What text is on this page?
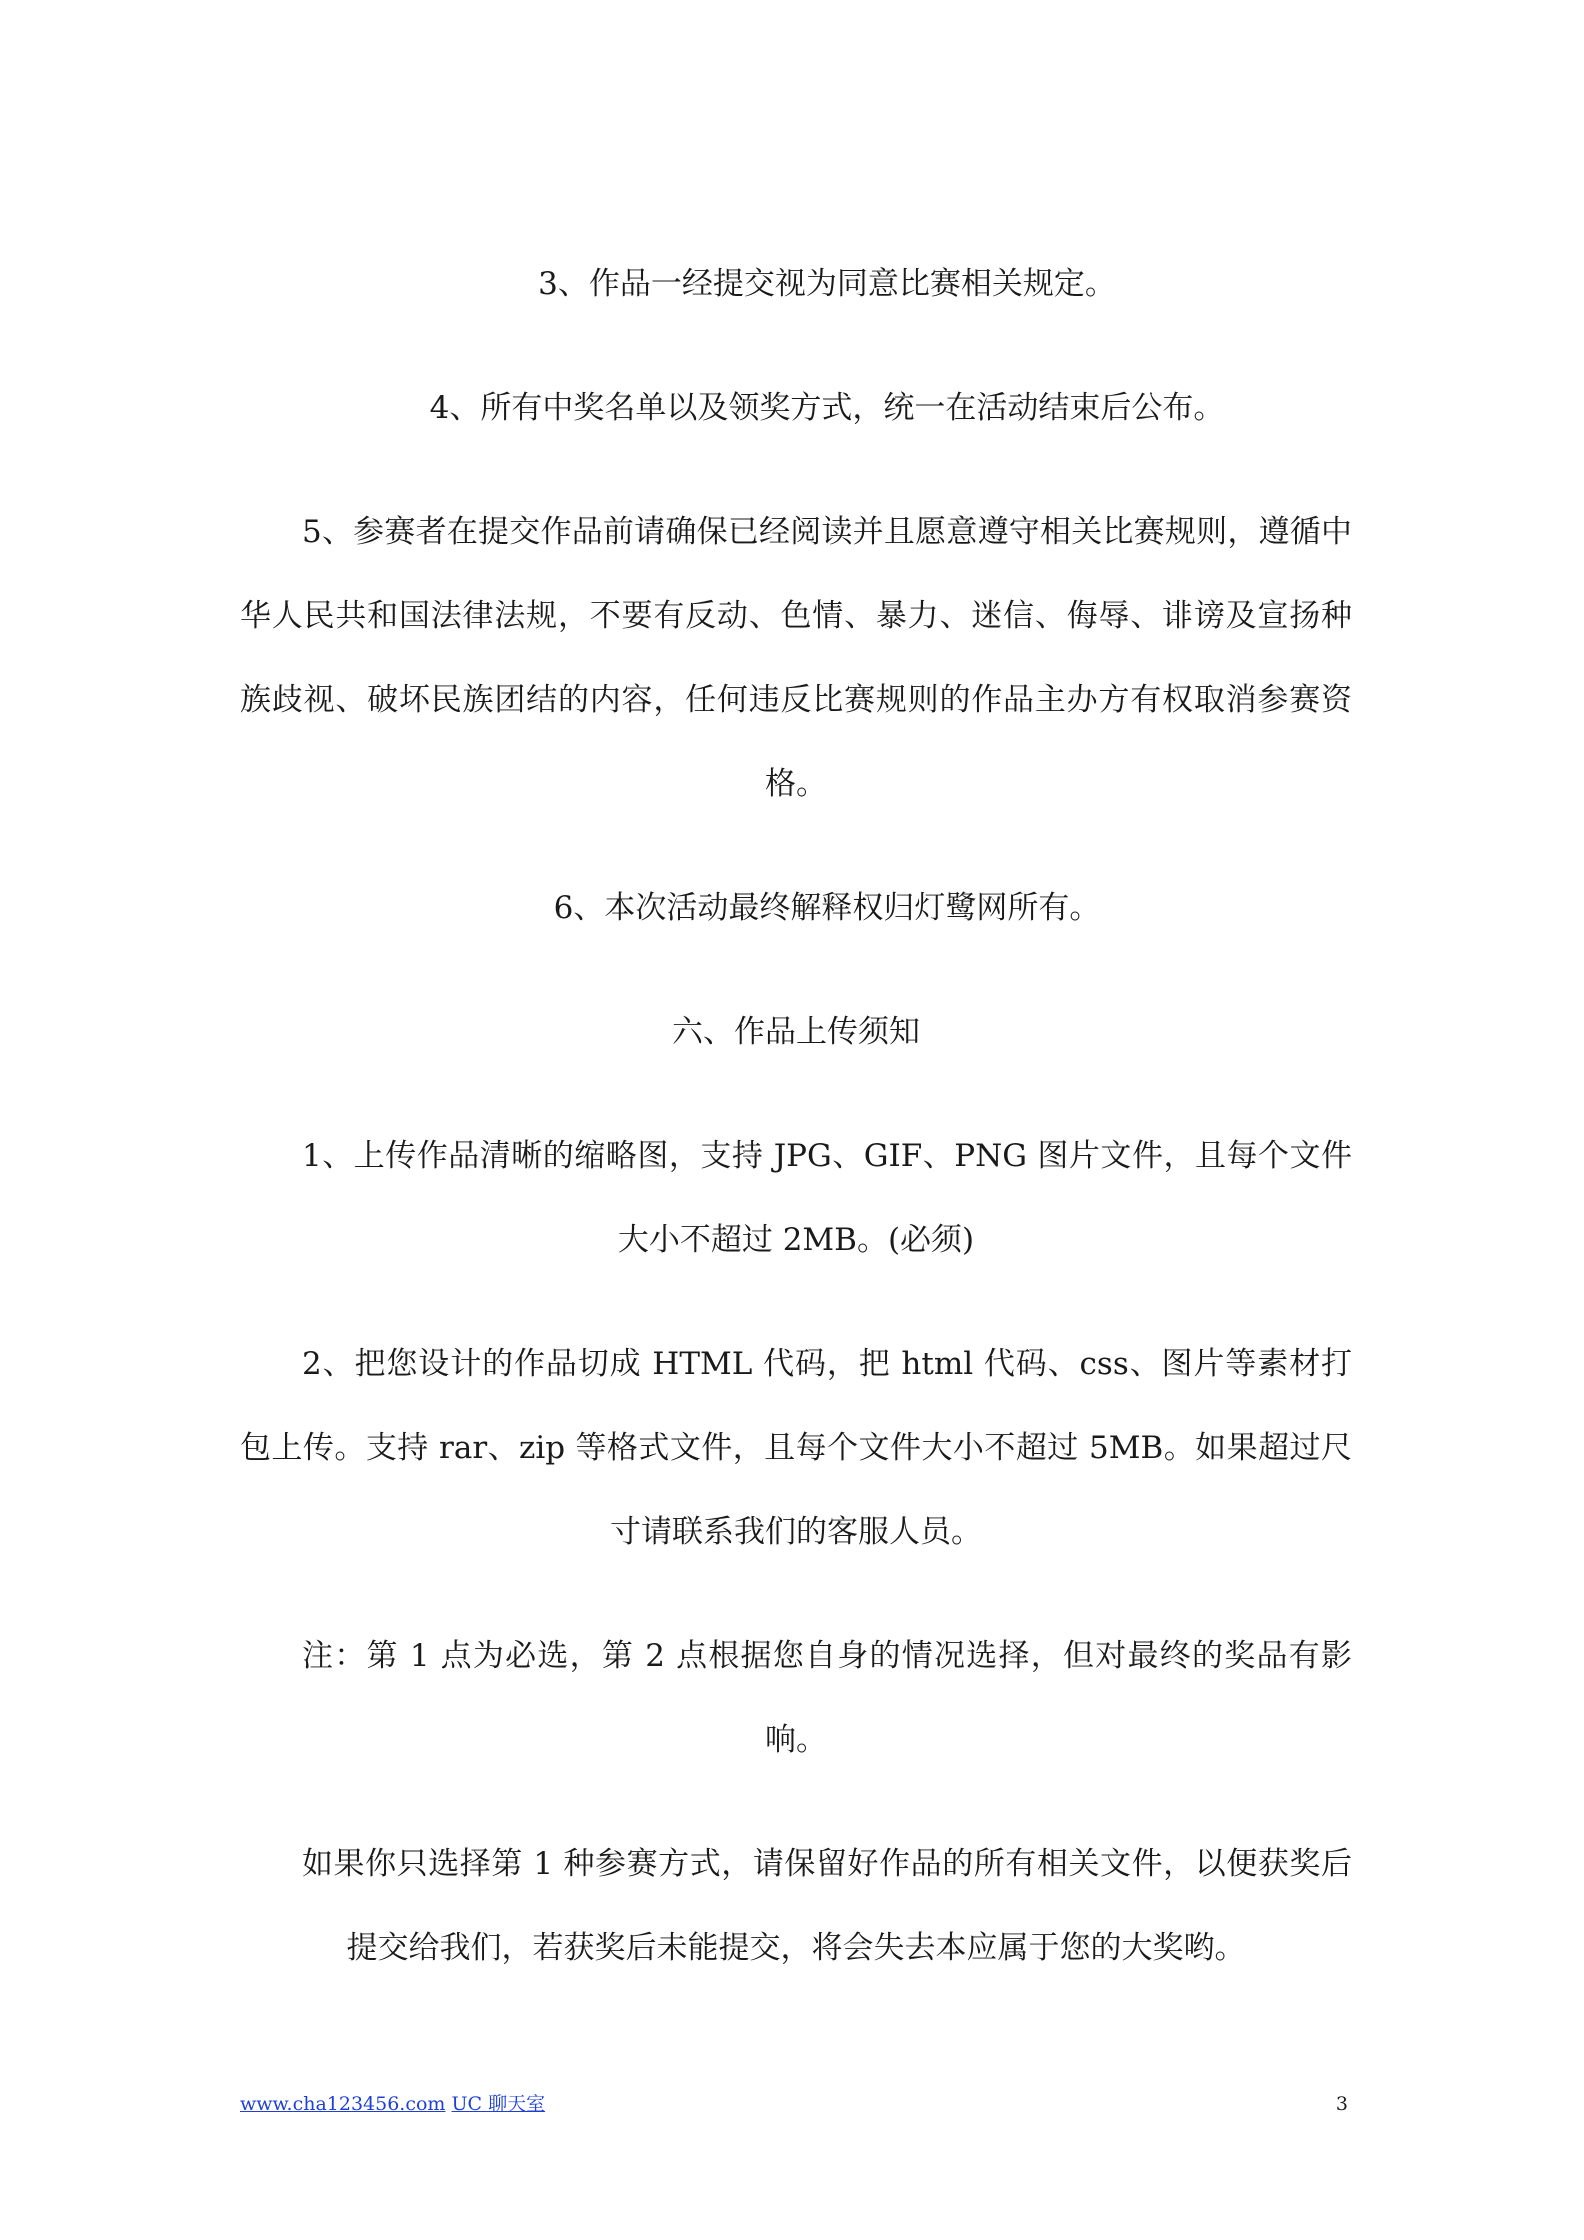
3、作品一经提交视为同意比赛相关规定。

4、所有中奖名单以及领奖方式，统一在活动结束后公布。

5、参赛者在提交作品前请确保已经阅读并且愿意遵守相关比赛规则，遵循中华人民共和国法律法规，不要有反动、色情、暴力、迷信、侮辱、诽谤及宣扬种族歧视、破坏民族团结的内容，任何违反比赛规则的作品主办方有权取消参赛资格。

6、本次活动最终解释权归灯鹭网所有。

六、作品上传须知

1、上传作品清晰的缩略图，支持 JPG、GIF、PNG 图片文件，且每个文件大小不超过 2MB。(必须)

2、把您设计的作品切成 HTML 代码，把 html 代码、css、图片等素材打包上传。支持 rar、zip 等格式文件，且每个文件大小不超过 5MB。如果超过尺寸请联系我们的客服人员。

注：第 1 点为必选，第 2 点根据您自身的情况选择，但对最终的奖品有影响。

如果你只选择第 1 种参赛方式，请保留好作品的所有相关文件，以便获奖后提交给我们，若获奖后未能提交，将会失去本应属于您的大奖哟。

www.cha123456.com UC 聊天室	3
